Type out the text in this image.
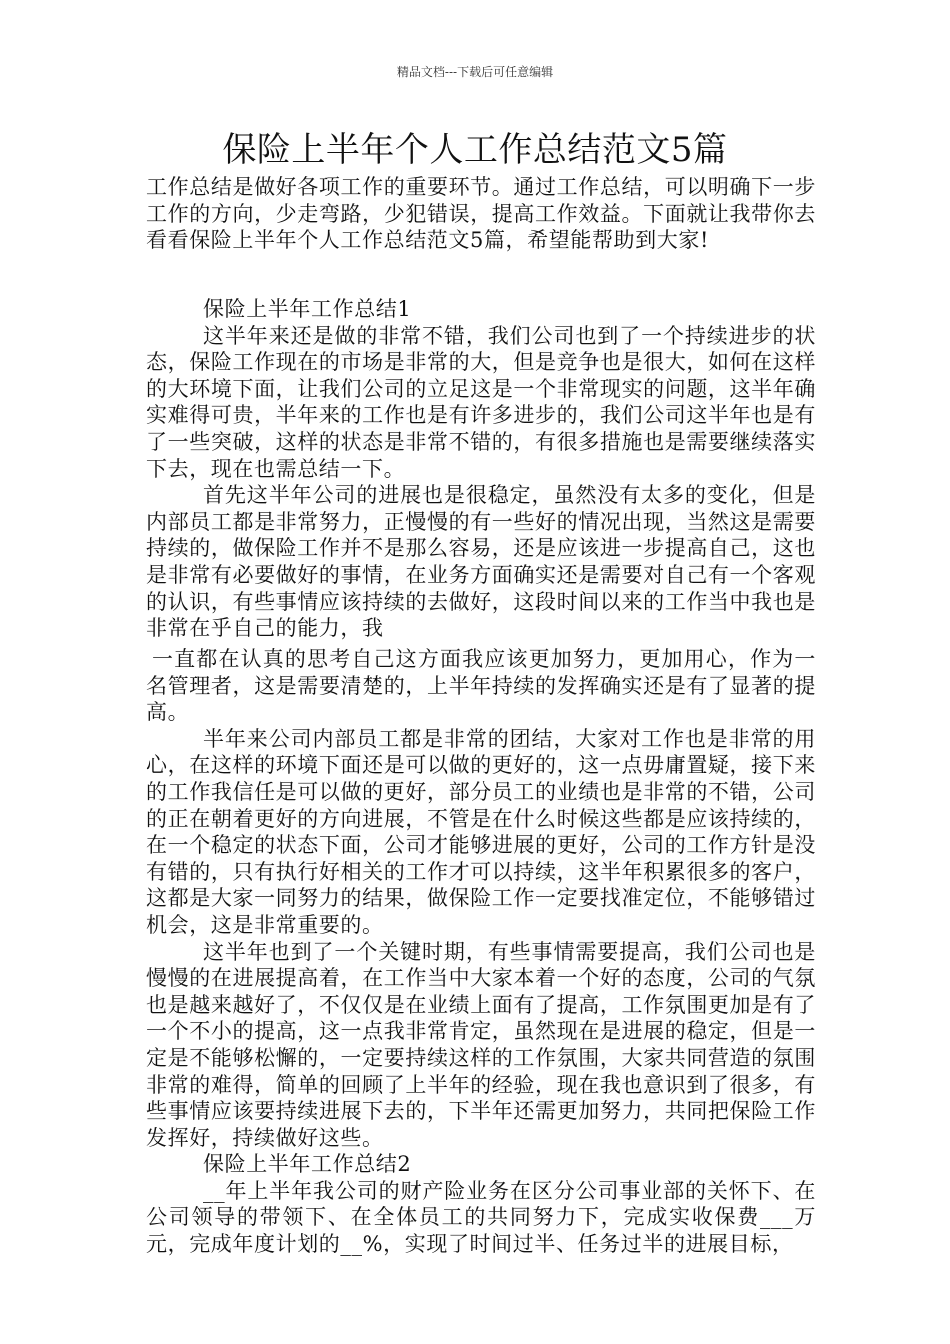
精品文档---下载后可任意编辑
保险上半年个人工作总结范文5篇

工作总结是做好各项工作的重要环节。通过工作总结，可以明确下一步工作的方向，少走弯路，少犯错误，提高工作效益。下面就让我带你去看看保险上半年个人工作总结范文5篇，希望能帮助到大家!

保险上半年工作总结1

这半年来还是做的非常不错，我们公司也到了一个持续进步的状态，保险工作现在的市场是非常的大，但是竞争也是很大，如何在这样的大环境下面，让我们公司的立足这是一个非常现实的问题，这半年确实难得可贵，半年来的工作也是有许多进步的，我们公司这半年也是有了一些突破，这样的状态是非常不错的，有很多措施也是需要继续落实下去，现在也需总结一下。

首先这半年公司的进展也是很稳定，虽然没有太多的变化，但是内部员工都是非常努力，正慢慢的有一些好的情况出现，当然这是需要持续的，做保险工作并不是那么容易，还是应该进一步提高自己，这也是非常有必要做好的事情，在业务方面确实还是需要对自己有一个客观的认识，有些事情应该持续的去做好，这段时间以来的工作当中我也是非常在乎自己的能力，我

一直都在认真的思考自己这方面我应该更加努力，更加用心，作为一名管理者，这是需要清楚的，上半年持续的发挥确实还是有了显著的提高。

半年来公司内部员工都是非常的团结，大家对工作也是非常的用心，在这样的环境下面还是可以做的更好的，这一点毋庸置疑，接下来的工作我信任是可以做的更好，部分员工的业绩也是非常的不错，公司的正在朝着更好的方向进展，不管是在什么时候这些都是应该持续的，在一个稳定的状态下面，公司才能够进展的更好，公司的工作方针是没有错的，只有执行好相关的工作才可以持续，这半年积累很多的客户，这都是大家一同努力的结果，做保险工作一定要找准定位，不能够错过机会，这是非常重要的。

这半年也到了一个关键时期，有些事情需要提高，我们公司也是慢慢的在进展提高着，在工作当中大家本着一个好的态度，公司的气氛也是越来越好了，不仅仅是在业绩上面有了提高，工作氛围更加是有了一个不小的提高，这一点我非常肯定，虽然现在是进展的稳定，但是一定是不能够松懈的，一定要持续这样的工作氛围，大家共同营造的氛围非常的难得，简单的回顾了上半年的经验，现在我也意识到了很多，有些事情应该要持续进展下去的，下半年还需更加努力，共同把保险工作发挥好，持续做好这些。

保险上半年工作总结2

__年上半年我公司的财产险业务在区分公司事业部的关怀下、在公司领导的带领下、在全体员工的共同努力下，完成实收保费___万元，完成年度计划的__%，实现了时间过半、任务过半的进展目标，
